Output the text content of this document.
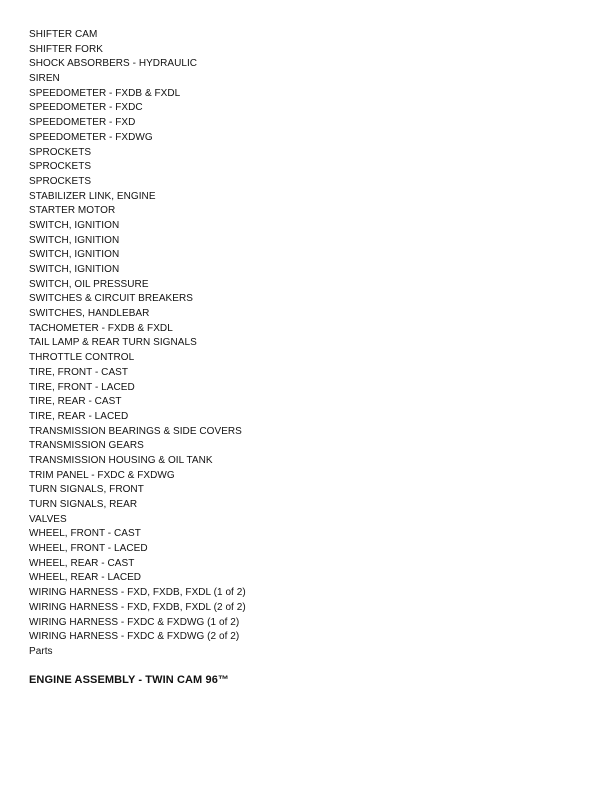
SHIFTER CAM
SHIFTER FORK
SHOCK ABSORBERS - HYDRAULIC
SIREN
SPEEDOMETER - FXDB & FXDL
SPEEDOMETER - FXDC
SPEEDOMETER - FXD
SPEEDOMETER - FXDWG
SPROCKETS
SPROCKETS
SPROCKETS
STABILIZER LINK, ENGINE
STARTER MOTOR
SWITCH, IGNITION
SWITCH, IGNITION
SWITCH, IGNITION
SWITCH, IGNITION
SWITCH, OIL PRESSURE
SWITCHES & CIRCUIT BREAKERS
SWITCHES, HANDLEBAR
TACHOMETER - FXDB & FXDL
TAIL LAMP & REAR TURN SIGNALS
THROTTLE CONTROL
TIRE, FRONT - CAST
TIRE, FRONT - LACED
TIRE, REAR - CAST
TIRE, REAR - LACED
TRANSMISSION BEARINGS & SIDE COVERS
TRANSMISSION GEARS
TRANSMISSION HOUSING & OIL TANK
TRIM PANEL - FXDC & FXDWG
TURN SIGNALS, FRONT
TURN SIGNALS, REAR
VALVES
WHEEL, FRONT - CAST
WHEEL, FRONT - LACED
WHEEL, REAR - CAST
WHEEL, REAR - LACED
WIRING HARNESS - FXD, FXDB, FXDL (1 of 2)
WIRING HARNESS - FXD, FXDB, FXDL (2 of 2)
WIRING HARNESS - FXDC & FXDWG (1 of 2)
WIRING HARNESS - FXDC & FXDWG (2 of 2)
Parts
ENGINE ASSEMBLY - TWIN CAM 96™
